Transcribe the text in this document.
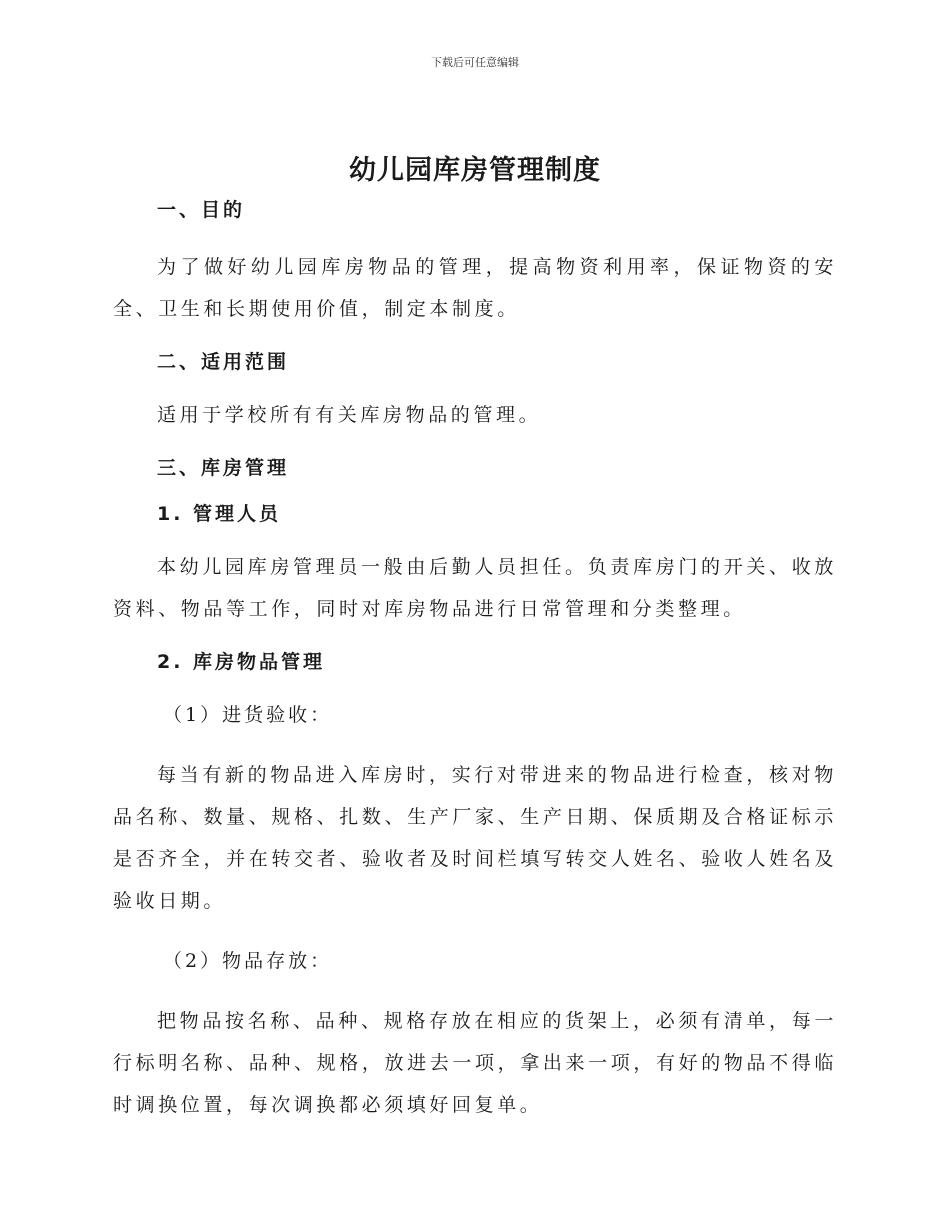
下载后可任意编辑
幼儿园库房管理制度
一、目的

为了做好幼儿园库房物品的管理，提高物资利用率，保证物资的安全、卫生和长期使用价值，制定本制度。

二、适用范围

适用于学校所有有关库房物品的管理。

三、库房管理
1. 管理人员

本幼儿园库房管理员一般由后勤人员担任。负责库房门的开关、收放资料、物品等工作，同时对库房物品进行日常管理和分类整理。

2. 库房物品管理

（1）进货验收：

每当有新的物品进入库房时，实行对带进来的物品进行检查，核对物品名称、数量、规格、扎数、生产厂家、生产日期、保质期及合格证标示是否齐全，并在转交者、验收者及时间栏填写转交人姓名、验收人姓名及验收日期。

（2）物品存放：

把物品按名称、品种、规格存放在相应的货架上，必须有清单，每一行标明名称、品种、规格，放进去一项，拿出来一项，有好的物品不得临时调换位置，每次调换都必须填好回复单。
